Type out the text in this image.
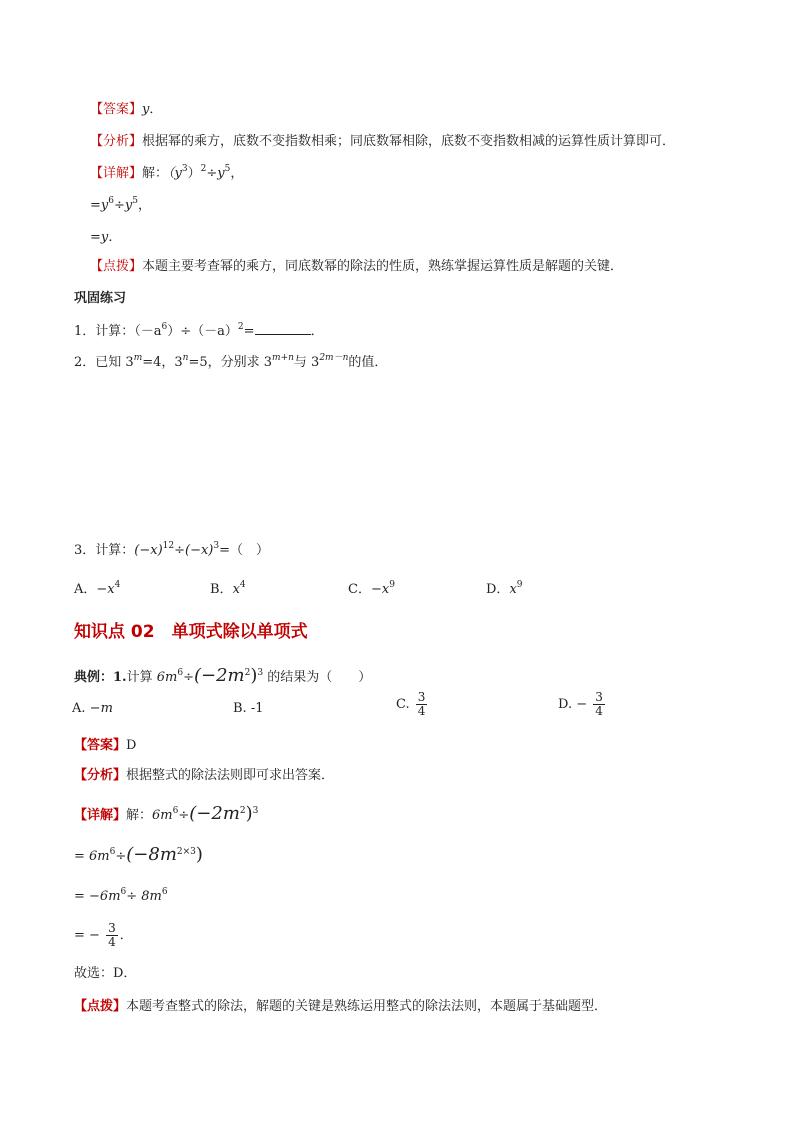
【答案】y．
【分析】根据幂的乘方，底数不变指数相乘；同底数幂相除，底数不变指数相减的运算性质计算即可．
【详解】解：$(y^3)^2\div y^5$，
$=y^6\div y^5$，
=y．
【点拨】本题主要考查幂的乘方，同底数幂的除法的性质，熟练掌握运算性质是解题的关键．
巩固练习
1．计算：$(-a^6)\div(-a)^2=$	．
2．已知 $3^m=4$，$3^n=5$，分别求 $3^{m+n}$与 $3^{2m-n}$的值．
3．计算：$(-x)^{12}\div(-x)^3=$（　）
A．$-x^4$	B．$x^4$	C．$-x^9$	D．$x^9$
知识点 02　单项式除以单项式
典例：1.计算 $6m^6\div(-2m^2)^3$ 的结果为（　　）
A. −m	B. -1	C. $\frac{3}{4}$	D. − $\frac{3}{4}$
【答案】D
【分析】根据整式的除法法则即可求出答案．
【详解】解：$6m^6\div(-2m^2)^3$
= $6m^6\div(-8m^{2\times 3})$
= $-6m^6\div 8m^6$
= − $\frac{3}{4}$ ．
故选：D．
【点拨】本题考查整式的除法，解题的关键是熟练运用整式的除法法则，本题属于基础题型．
